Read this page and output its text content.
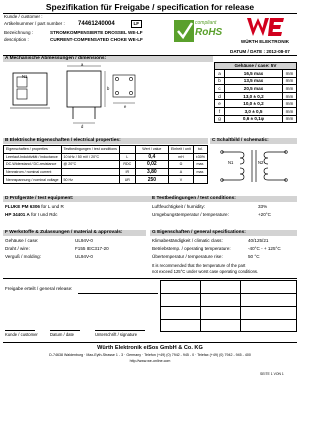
Spezifikation für Freigabe / specification for release
Kunde / customer :
Artikelnummer / part number : 74461240004	LF
Bezeichnung :	STROMKOMPENSIERTE DROSSEL WE-LF
description :	CURRENT-COMPENSATED CHOKE WE-LF
compliant
RoHS
WÜRTH ELEKTRONIK
DATUM / DATE : 2012-08-07
A Mechanische Abmessungen / dimensions:
N1
a
b
d
e
Gehäuse / case: 5V
a	16,5 max	mm
b	13,5 max	mm
c	20,5 max	mm
d	13,0 ± 0,2	mm
e	10,0 ± 0,2	mm
f	3,0 ± 0,5	mm
g	0,6 ± 0,1φ	mm
B Elektrische Eigenschaften / electrical properties:	C Schaltbild / schematic:
Eigenschaften / properties	Testbedingungen / test conditions		Wert / value	Einheit / unit	tol.
Leerlauf-Induktivität / inductance	10 kHz / 50 mV / 20°C	L	0,4	mH	±30%
DC-Widerstand / DC-resistance	@ 20°C	RDC	0,02	Ω	max.
Nennstrom / nominal current		IR	3,80	A	max.
Nennspannung / nominal voltage	50 Hz	UR	250	V	
N1	N2
D Prüfgeräte / test equipment:	E Testbedingungen / test conditions:
FLUKE PM 6306 für L und R
HP 34401 A für I und Rdc
Luftfeuchtigkeit / humidity:	33%
Umgebungstemperatur / temperature:	+20°C
F Werkstoffe & Zulassungen / material & approvals:	G Eigenschaften / general specifications:
Gehäuse / case:	UL94V-0
Draht / wire:	F155 IEC317-20
Verguß / molding:	UL94V-0
Klimabeständigkeit / climatic class:	40/125/21
Betriebstemp. / operating temperature:	-40°C - + 125°C
Übertemperatur / temperature rise:	50 °C
It is recommended that the temperature of the part
not exceed 125°C under worst case operating conditions.
Freigabe erteilt / general release:
Kunde / customer	Datum / date	Unterschrift / signature
Würth Elektronik eiSos GmbH & Co. KG
D-74638 Waldenburg · Max-Eyth-Strasse 1 - 3 · Germany · Telefon (+49) (0) 7942 - 945 - 0 · Telefax (+49) (0) 7942 - 945 - 400
http://www.we-online.com
SEITE 1 VON 1
